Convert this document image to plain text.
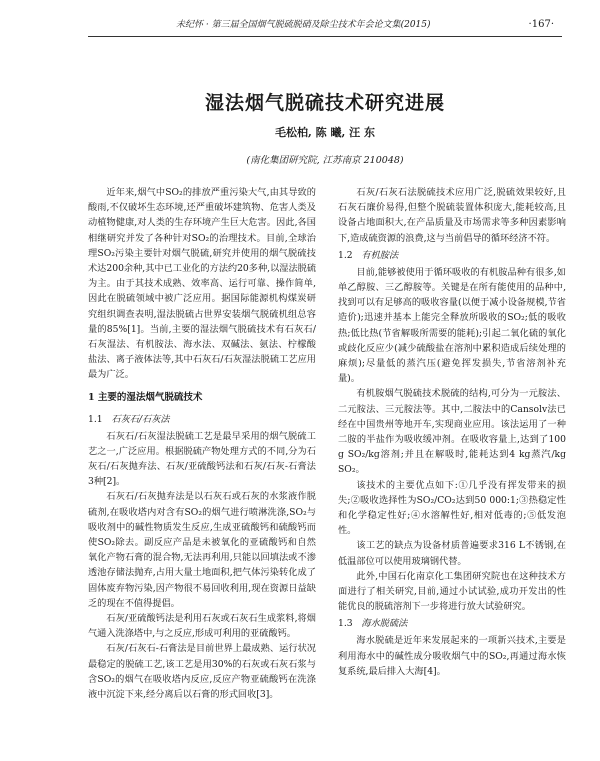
未纪怀 · 第三届全国烟气脱硫脱硝及除尘技术年会论文集(2015)	·167·
湿法烟气脱硫技术研究进展
毛松柏, 陈 曦, 汪 东
(南化集团研究院, 江苏南京 210048)

近年来,烟气中SO₂的排放严重污染大气,由其导致的酸雨,不仅破坏生态环境,还严重破坏建筑物、危害人类及动植物健康,对人类的生存环境产生巨大危害。因此,各国相继研究并发了各种针对SO₂的治理技术。目前,全球治理SO₂污染主要针对烟气脱硫,研究并使用的烟气脱硫技术达200余种,其中已工业化的方法约20多种,以湿法脱硫为主。由于其技术成熟、效率高、运行可靠、操作简单,因此在脱硫领域中被广泛应用。据国际能源机构煤炭研究组织调查表明,湿法脱硫占世界安装烟气脱硫机组总容量的85%[1]。当前,主要的湿法烟气脱硫技术有石灰石/石灰湿法、有机胺法、海水法、双碱法、氨法、柠檬酸盐法、离子液体法等,其中石灰石/石灰湿法脱硫工艺应用最为广泛。

1 主要的湿法烟气脱硫技术
1.1 石灰石/石灰法

石灰石/石灰湿法脱硫工艺是最早采用的烟气脱硫工艺之一,广泛应用。根据脱硫产物处理方式的不同,分为石灰石/石灰抛弃法、石灰/亚硫酸钙法和石灰/石灰-石膏法3种[2]。

石灰石/石灰抛弃法是以石灰石或石灰的水浆液作脱硫剂,在吸收塔内对含有SO₂的烟气进行喷淋洗涤,SO₂与吸收剂中的碱性物质发生反应,生成亚硫酸钙和硫酸钙而使SO₂除去。副反应产品是未被氧化的亚硫酸钙和自然氧化产物石膏的混合物,无法再利用,只能以回填法或不渗透池存储法抛弃,占用大量土地面积,把气体污染转化成了固体废弃物污染,因产物很不易回收利用,现在资源日益缺乏的现在不值得提倡。

石灰/亚硫酸钙法是利用石灰或石灰石生成浆料,将烟气通入洗涤塔中,与之反应,形成可利用的亚硫酸钙。

石灰/石灰石-石膏法是目前世界上最成熟、运行状况最稳定的脱硫工艺,该工艺是用30%的石灰或石灰石浆与含SO₂的烟气在吸收塔内反应,反应产物亚硫酸钙在洗涤液中沉淀下来,经分离后以石膏的形式回收[3]。

石灰/石灰石法脱硫技术应用广泛,脱硫效果较好,且石灰石廉价易得,但整个脱硫装置体积庞大,能耗较高,且设备占地面积大,在产品质量及市场需求等多种因素影响下,造成硫资源的浪费,这与当前倡导的循环经济不符。

1.2 有机胺法

目前,能够被使用于循环吸收的有机胺品种有很多,如单乙醇胺、三乙醇胺等。关键是在所有能使用的品种中,找到可以有足够高的吸收容量(以便于减小设备规模,节省造价);迅速并基本上能完全释放所吸收的SO₂;低的吸收热;低比热(节省解吸所需要的能耗);引起二氧化硫的氧化或歧化反应少(减少硫酸盐在溶剂中累积造成后续处理的麻烦);尽量低的蒸汽压(避免挥发损失,节省溶剂补充量)。

有机胺烟气脱硫技术脱硫的结构,可分为一元胺法、二元胺法、三元胺法等。其中,二胺法中的Cansolv法已经在中国贵州等地开车,实现商业应用。该法运用了一种二胺的半盐作为吸收缓冲剂。在吸收容量上,达到了100 g SO₂/kg溶剂;并且在解吸时,能耗达到4 kg蒸汽/kg SO₂。

该技术的主要优点如下:①几乎没有挥发带来的损失;②吸收选择性为SO₂/CO₂达到50 000:1;③热稳定性和化学稳定性好;④水溶解性好,相对低毒的;⑤低发泡性。

该工艺的缺点为设备材质普遍要求316 L不锈钢,在低温部位可以使用玻璃钢代替。

此外,中国石化南京化工集团研究院也在这种技术方面进行了相关研究,目前,通过小试试验,成功开发出的性能优良的脱硫溶剂下一步将进行放大试验研究。

1.3 海水脱硫法

海水脱硫是近年来发展起来的一项新兴技术,主要是利用海水中的碱性成分吸收烟气中的SO₂,再通过海水恢复系统,最后排入大海[4]。
